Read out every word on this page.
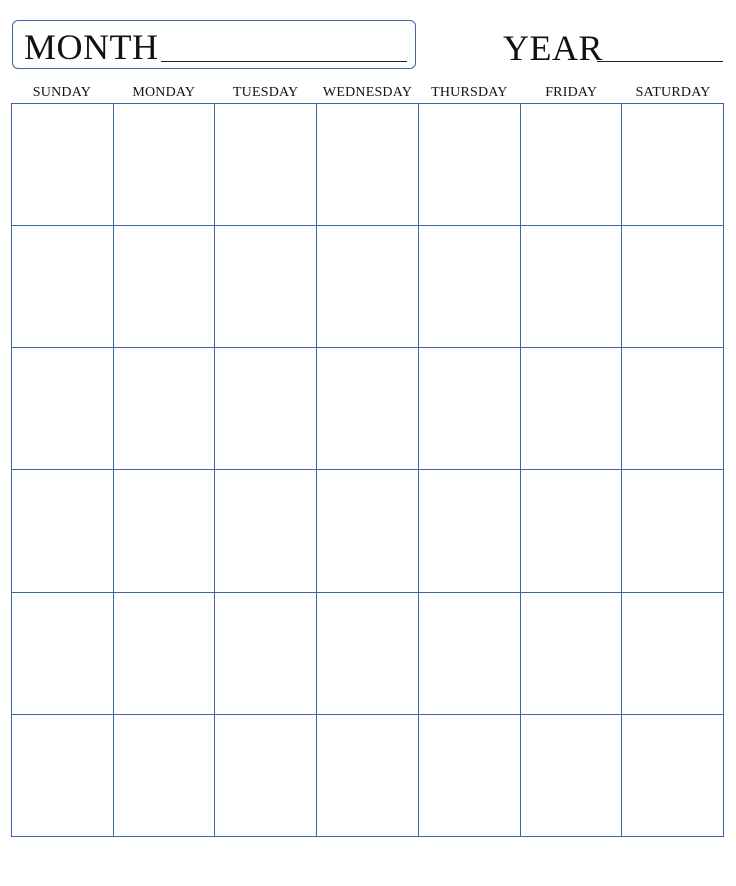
MONTH	YEAR
SUNDAY	MONDAY	TUESDAY	WEDNESDAY	THURSDAY	FRIDAY	SATURDAY
